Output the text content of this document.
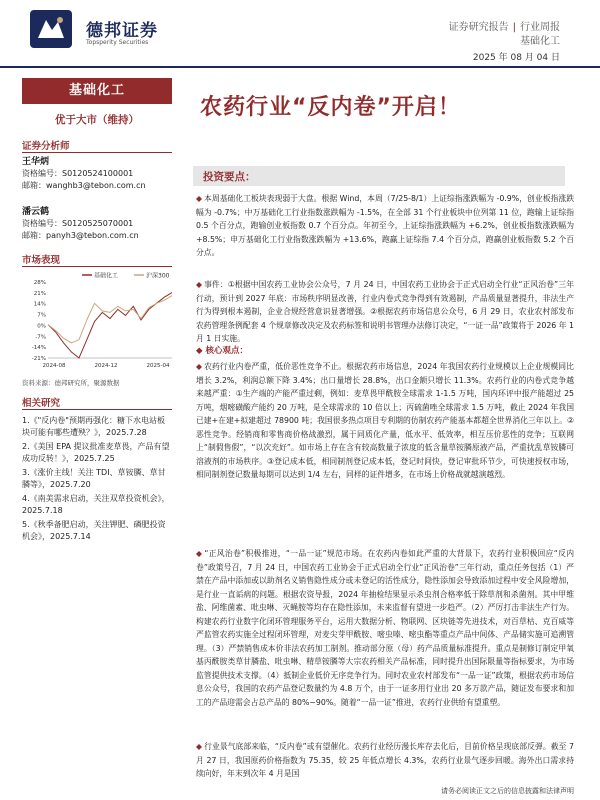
德邦证券
Topsperity Securities
证券研究报告 | 行业周报
基础化工
2025 年 08 月 04 日
基础化工
优于大市（维持）
证券分析师
王华炳
资格编号：S0120524100001
邮箱：wanghb3@tebon.com.cn
潘云鹤
资格编号：S0120525070001
邮箱：panyh3@tebon.com.cn
市场表现
基础化工	沪深300
28%
21%
14%
7%
0%
-7%
-14%
-21%
2024-08	2024-12	2025-04
资料来源：德邦研究所，聚源数据
相关研究
1.《"反内卷"预期再强化：糖下水电站板块可能有哪些遭殃？》，2025.7.28
2.《美国 EPA 提议批准麦草畏，产品有望成功反转！》，2025.7.25
3.《涨价主线！关注 TDI、草铵膦、草甘膦等》，2025.7.20
4.《南美需求启动，关注双草投资机会》，2025.7.18
5.《秋季备肥启动，关注钾肥、磷肥投资机会》，2025.7.14
农药行业“反内卷”开启！
投资要点：
◆ 本周基础化工板块表现弱于大盘。根据 Wind，本周（7/25-8/1）上证综指涨跌幅为 -0.9%，创业板指涨跌幅为 -0.7%；中万基础化工行业指数涨跌幅为 -1.5%，在全部 31 个行业板块中位列第 11 位，跑输上证综指 0.5 个百分点，跑输创业板指数 0.7 个百分点。年初至今，上证综指涨跌幅为 +6.2%，创业板指数涨跌幅为 +8.5%；申万基础化工行业指数涨跌幅为 +13.6%，跑赢上证综指 7.4 个百分点，跑赢创业板指数 5.2 个百分点。
◆ 事件：①根据中国农药工业协会公众号，7 月 24 日，中国农药工业协会于正式启动全行业“正风治卷”三年行动，预计到 2027 年底：市场秩序明显改善，行业内卷式竞争得到有效遏制，产品质量显著提升，非法生产行为得到根本遏制，企业合规经营意识显著增强。②根据农药市场信息公众号，6 月 29 日，农业农村部发布农药管理条例配套 4 个规章修改决定及农药标签和说明书管理办法修订决定，“一证一品”政策将于 2026 年 1 月 1 日实施。
◆ 核心观点：
◆ 农药行业内卷严重，低价恶性竞争不止。根据农药市场信息，2024 年我国农药行业规模以上企业规模同比增长 3.2%，利润总额下降 3.4%；出口量增长 28.8%，出口金额只增长 11.3%。农药行业的内卷式竞争越来越严重：①生产端的产能严重过剩，例如：麦草畏甲酰胺全球需求 1-1.5 万吨，国内环评中报产能超过 25 万吨，烟嘧磺酸产能约 20 万吨，是全球需求的 10 倍以上；丙硫菌唑全球需求 1.5 万吨，截止 2024 年我国已建+在建+拟建超过 78900 吨；我国很多热点项目专利期的仿制农药产能基本都超全世界消化三年以上。②恶性竞争。经销商和零售商价格战激烈，属于同质化产量，低水平、低效率，相互压价恶性的竞争；互联网上“制假售假”，“以次充好”。如市场上存在含有较高数量子浓度的低含量草铵膦原液产品，严重扰乱草铵膦可溶液剂的市场秩序。③登记成本低，相同制剂登记成本低，登记时间快，登记审批环节少，可快速授权市场，相同制剂登记数量每期可以达到 1/4 左右，同样的证件增多，在市场上价格战就越演越烈。
◆ “正风治卷”积极推进，“一品一证”规范市场。在农药内卷如此严重的大背景下，农药行业积极回应“反内卷”政策号召，7 月 24 日，中国农药工业协会于正式启动全行业“正风治卷”三年行动，重点任务包括（1）严禁在产品中添加或以助剂名义销售隐性成分或未登记的活性成分，隐性添加会导致添加过程中安全风险增加，是行业一直诟病的问题。根据农资导报，2024 年抽检结果显示杀虫剂合格率低于除草剂和杀菌剂。其中甲维盐、阿维菌素、吡虫啉、灭蝇胺等均存在隐性添加，未来监督有望进一步趋严。（2）严厉打击非法生产行为。构建农药行业数字化闭环管理服务平台，运用大数据分析、物联网、区块链等先进技术，对百草枯、克百威等严监管农药实施全过程闭环管理，对麦尖芽甲酰胺、嘧虫嗪、嘧虫酯等重点产品中间体、产品储实施可追溯管理。（3）严禁销售成本价非法农药加工制剂。推动部分原（母）药产品质量标准提升。重点是制修订制定甲氧基丙酰胺类草甘膦盐、吡虫啉、精草铵膦等大宗农药相关产品标准，同时提升出国际限量等指标要求，为市场监管提供技术支撑。（4）抵制企业低价无序竞争行为。同时农业农村部发布“一品一证”政策，根据农药市场信息公众号，我国的农药产品登记数量约为 4.8 万个，由于一证多用行业出 20 多万款产品，随证发布要求和加工的产品迎需会占总产品的 80%~90%。随着“一品一证”推进，农药行业供给有望重塑。
◆ 行业景气底部来临，“反内卷”或有望催化。农药行业经历漫长库存去化后，目前价格呈现底部反弹。截至 7 月 27 日，我国原药价格指数为 75.35，较 25 年低点增长 4.3%，农药行业景气逐步回暖。海外出口需求持续向好，年末到次年 4 月是国
请务必阅读正文之后的信息披露和法律声明
